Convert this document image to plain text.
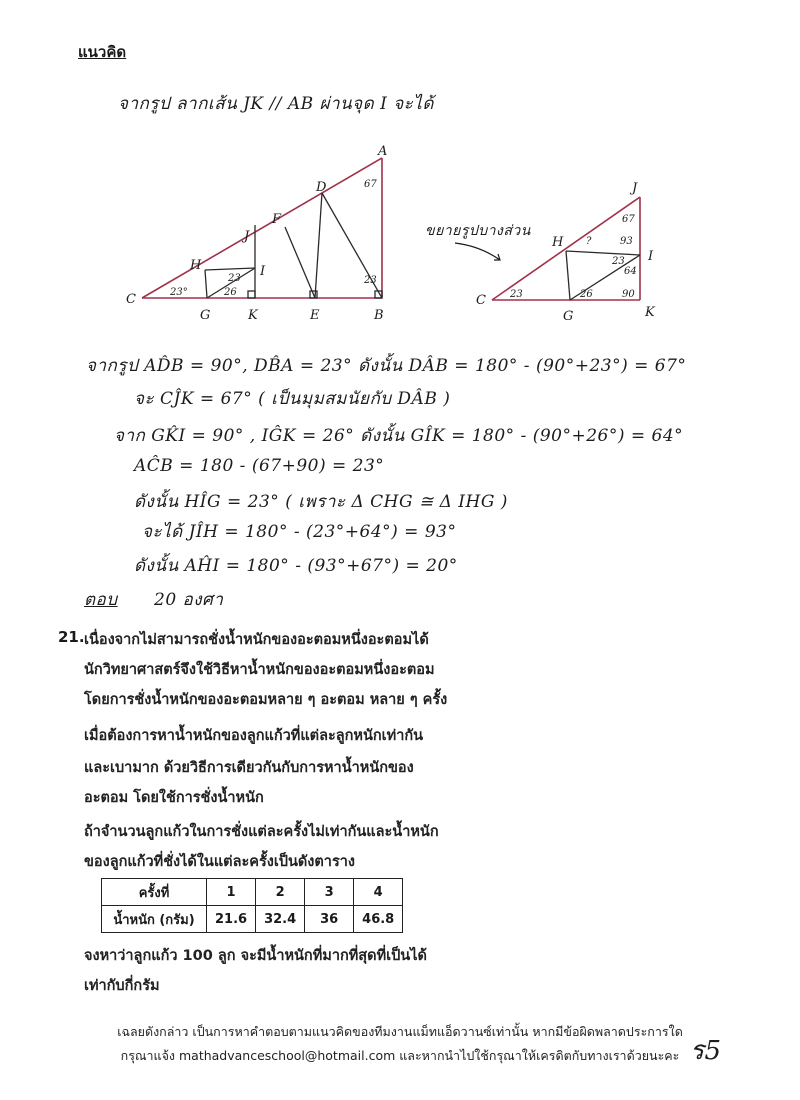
แนวคิด
จากรูป ลากเส้น JK // AB ผ่านจุด I จะได้
A
B
C
D
E
F
G
H	I
J
K
67
23
23°
23
26
ขยายรูปบางส่วน
C
G
H
I
J
K
23	26	90
67
?	93
23
64
จากรูป AD̂B = 90°, DB̂A = 23° ดังนั้น DÂB = 180° - (90°+23°) = 67°
จะ CĴK = 67° ( เป็นมุมสมนัยกับ DÂB )
จาก GK̂I = 90° , IĜK = 26° ดังนั้น GÎK = 180° - (90°+26°) = 64°
AĈB = 180 - (67+90) = 23°
ดังนั้น HÎG = 23° ( เพราะ Δ CHG ≅ Δ IHG )
จะได้ JÎH = 180° - (23°+64°) = 93°
ดังนั้น AĤI = 180° - (93°+67°) = 20°
ตอบ 20 องศา
21. เนื่องจากไม่สามารถชั่งน้ำหนักของอะตอมหนึ่งอะตอมได้
นักวิทยาศาสตร์จึงใช้วิธีหาน้ำหนักของอะตอมหนึ่งอะตอม
โดยการชั่งน้ำหนักของอะตอมหลาย ๆ อะตอม หลาย ๆ ครั้ง
เมื่อต้องการหาน้ำหนักของลูกแก้วที่แต่ละลูกหนักเท่ากัน
และเบามาก ด้วยวิธีการเดียวกันกับการหาน้ำหนักของ
อะตอม โดยใช้การชั่งน้ำหนัก
ถ้าจำนวนลูกแก้วในการชั่งแต่ละครั้งไม่เท่ากันและน้ำหนัก
ของลูกแก้วที่ชั่งได้ในแต่ละครั้งเป็นดังตาราง
ครั้งที่	1	2	3	4
น้ำหนัก (กรัม)	21.6	32.4	36	46.8
จงหาว่าลูกแก้ว 100 ลูก จะมีน้ำหนักที่มากที่สุดที่เป็นได้
เท่ากับกี่กรัม
เฉลยดังกล่าว เป็นการหาคำตอบตามแนวคิดของทีมงานแม็ทแอ็ดวานซ์เท่านั้น หากมีข้อผิดพลาดประการใด
กรุณาแจ้ง mathadvanceschool@hotmail.com และหากนำไปใช้กรุณาให้เครดิตกับทางเราด้วยนะคะ ร5
